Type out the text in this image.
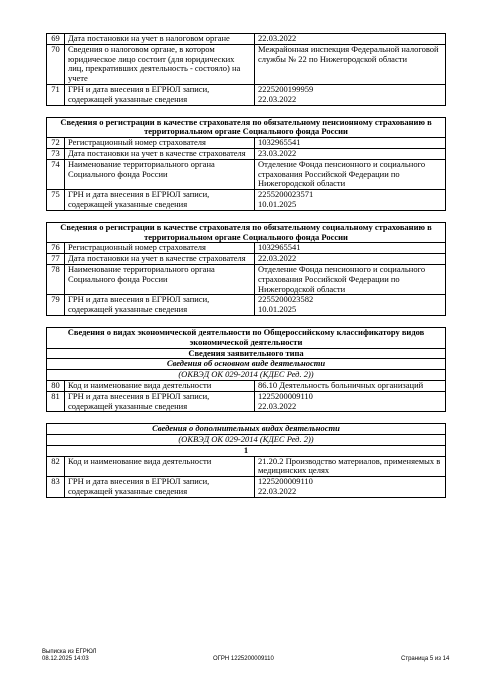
69	Дата постановки на учет в налоговом органе	22.03.2022
70	Сведения о налоговом органе, в котором юридическое лицо состоит (для юридических лиц, прекративших деятельность - состояло) на учете	Межрайонная инспекция Федеральной налоговой службы № 22 по Нижегородской области
71	ГРН и дата внесения в ЕГРЮЛ записи, содержащей указанные сведения	2225200199959
22.03.2022

Сведения о регистрации в качестве страхователя по обязательному пенсионному страхованию в территориальном органе Социального фонда России		
72	Регистрационный номер страхователя	1032965541
73	Дата постановки на учет в качестве страхователя	23.03.2022
74	Наименование территориального органа Социального фонда России	Отделение Фонда пенсионного и социального страхования Российской Федерации по Нижегородской области
75	ГРН и дата внесения в ЕГРЮЛ записи, содержащей указанные сведения	2255200023571
10.01.2025

Сведения о регистрации в качестве страхователя по обязательному социальному страхованию в территориальном органе Социального фонда России		
76	Регистрационный номер страхователя	1032965541
77	Дата постановки на учет в качестве страхователя	22.03.2022
78	Наименование территориального органа Социального фонда России	Отделение Фонда пенсионного и социального страхования Российской Федерации по Нижегородской области
79	ГРН и дата внесения в ЕГРЮЛ записи, содержащей указанные сведения	2255200023582
10.01.2025

Сведения о видах экономической деятельности по Общероссийскому классификатору видов экономической деятельности		
Сведения заявительного типа		
Сведения об основном виде деятельности		
(ОКВЭД ОК 029-2014 (КДЕС Ред. 2))		
80	Код и наименование вида деятельности	86.10 Деятельность больничных организаций
81	ГРН и дата внесения в ЕГРЮЛ записи, содержащей указанные сведения	1225200009110
22.03.2022

Сведения о дополнительных видах деятельности		
(ОКВЭД ОК 029-2014 (КДЕС Ред. 2))		
1		
82	Код и наименование вида деятельности	21.20.2 Производство материалов, применяемых в медицинских целях
83	ГРН и дата внесения в ЕГРЮЛ записи, содержащей указанные сведения	1225200009110
22.03.2022
Выписка из ЕГРЮЛ
08.12.2025 14:03	ОГРН 1225200009110	Страница 5 из 14
